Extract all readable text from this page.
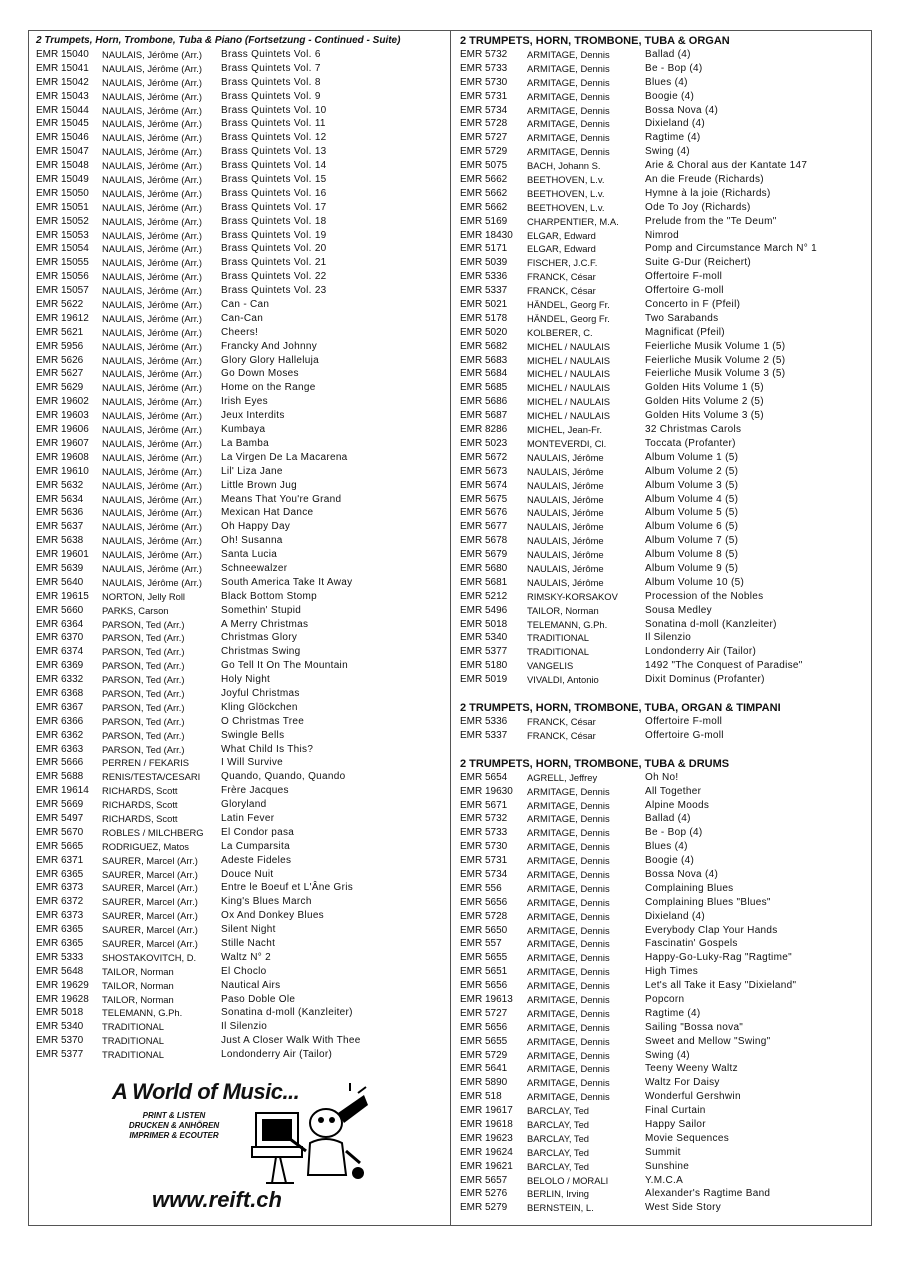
2 Trumpets, Horn, Trombone, Tuba & Piano (Fortsetzung - Continued - Suite)
EMR 15040	NAULAIS, Jérôme (Arr.)	Brass Quintets Vol. 6
EMR 15041	NAULAIS, Jérôme (Arr.)	Brass Quintets Vol. 7
EMR 15042	NAULAIS, Jérôme (Arr.)	Brass Quintets Vol. 8
EMR 15043	NAULAIS, Jérôme (Arr.)	Brass Quintets Vol. 9
EMR 15044	NAULAIS, Jérôme (Arr.)	Brass Quintets Vol. 10
EMR 15045	NAULAIS, Jérôme (Arr.)	Brass Quintets Vol. 11
EMR 15046	NAULAIS, Jérôme (Arr.)	Brass Quintets Vol. 12
EMR 15047	NAULAIS, Jérôme (Arr.)	Brass Quintets Vol. 13
EMR 15048	NAULAIS, Jérôme (Arr.)	Brass Quintets Vol. 14
EMR 15049	NAULAIS, Jérôme (Arr.)	Brass Quintets Vol. 15
EMR 15050	NAULAIS, Jérôme (Arr.)	Brass Quintets Vol. 16
EMR 15051	NAULAIS, Jérôme (Arr.)	Brass Quintets Vol. 17
EMR 15052	NAULAIS, Jérôme (Arr.)	Brass Quintets Vol. 18
EMR 15053	NAULAIS, Jérôme (Arr.)	Brass Quintets Vol. 19
EMR 15054	NAULAIS, Jérôme (Arr.)	Brass Quintets Vol. 20
EMR 15055	NAULAIS, Jérôme (Arr.)	Brass Quintets Vol. 21
EMR 15056	NAULAIS, Jérôme (Arr.)	Brass Quintets Vol. 22
EMR 15057	NAULAIS, Jérôme (Arr.)	Brass Quintets Vol. 23
EMR 5622	NAULAIS, Jérôme (Arr.)	Can - Can
EMR 19612	NAULAIS, Jérôme (Arr.)	Can-Can
EMR 5621	NAULAIS, Jérôme (Arr.)	Cheers!
EMR 5956	NAULAIS, Jérôme (Arr.)	Francky And Johnny
EMR 5626	NAULAIS, Jérôme (Arr.)	Glory Glory Halleluja
EMR 5627	NAULAIS, Jérôme (Arr.)	Go Down Moses
EMR 5629	NAULAIS, Jérôme (Arr.)	Home on the Range
EMR 19602	NAULAIS, Jérôme (Arr.)	Irish Eyes
EMR 19603	NAULAIS, Jérôme (Arr.)	Jeux Interdits
EMR 19606	NAULAIS, Jérôme (Arr.)	Kumbaya
EMR 19607	NAULAIS, Jérôme (Arr.)	La Bamba
EMR 19608	NAULAIS, Jérôme (Arr.)	La Virgen De La Macarena
EMR 19610	NAULAIS, Jérôme (Arr.)	Lil' Liza Jane
EMR 5632	NAULAIS, Jérôme (Arr.)	Little Brown Jug
EMR 5634	NAULAIS, Jérôme (Arr.)	Means That You're Grand
EMR 5636	NAULAIS, Jérôme (Arr.)	Mexican Hat Dance
EMR 5637	NAULAIS, Jérôme (Arr.)	Oh Happy Day
EMR 5638	NAULAIS, Jérôme (Arr.)	Oh! Susanna
EMR 19601	NAULAIS, Jérôme (Arr.)	Santa Lucia
EMR 5639	NAULAIS, Jérôme (Arr.)	Schneewalzer
EMR 5640	NAULAIS, Jérôme (Arr.)	South America Take It Away
EMR 19615	NORTON, Jelly Roll	Black Bottom Stomp
EMR 5660	PARKS, Carson	Somethin' Stupid
EMR 6364	PARSON, Ted (Arr.)	A Merry Christmas
EMR 6370	PARSON, Ted (Arr.)	Christmas Glory
EMR 6374	PARSON, Ted (Arr.)	Christmas Swing
EMR 6369	PARSON, Ted (Arr.)	Go Tell It On The Mountain
EMR 6332	PARSON, Ted (Arr.)	Holy Night
EMR 6368	PARSON, Ted (Arr.)	Joyful Christmas
EMR 6367	PARSON, Ted (Arr.)	Kling Glöckchen
EMR 6366	PARSON, Ted (Arr.)	O Christmas Tree
EMR 6362	PARSON, Ted (Arr.)	Swingle Bells
EMR 6363	PARSON, Ted (Arr.)	What Child Is This?
EMR 5666	PERREN / FEKARIS	I Will Survive
EMR 5688	RENIS/TESTA/CESARI	Quando, Quando, Quando
EMR 19614	RICHARDS, Scott	Frère Jacques
EMR 5669	RICHARDS, Scott	Gloryland
EMR 5497	RICHARDS, Scott	Latin Fever
EMR 5670	ROBLES / MILCHBERG	El Condor pasa
EMR 5665	RODRIGUEZ, Matos	La Cumparsita
EMR 6371	SAURER, Marcel (Arr.)	Adeste Fideles
EMR 6365	SAURER, Marcel (Arr.)	Douce Nuit
EMR 6373	SAURER, Marcel (Arr.)	Entre le Boeuf et L'Âne Gris
EMR 6372	SAURER, Marcel (Arr.)	King's Blues March
EMR 6373	SAURER, Marcel (Arr.)	Ox And Donkey Blues
EMR 6365	SAURER, Marcel (Arr.)	Silent Night
EMR 6365	SAURER, Marcel (Arr.)	Stille Nacht
EMR 5333	SHOSTAKOVITCH, D.	Waltz N° 2
EMR 5648	TAILOR, Norman	El Choclo
EMR 19629	TAILOR, Norman	Nautical Airs
EMR 19628	TAILOR, Norman	Paso Doble Ole
EMR 5018	TELEMANN, G.Ph.	Sonatina d-moll (Kanzleiter)
EMR 5340	TRADITIONAL	Il Silenzio
EMR 5370	TRADITIONAL	Just A Closer Walk With Thee
EMR 5377	TRADITIONAL	Londonderry Air (Tailor)
2 TRUMPETS, HORN, TROMBONE, TUBA & ORGAN
EMR 5732	ARMITAGE, Dennis	Ballad (4)
EMR 5733	ARMITAGE, Dennis	Be - Bop (4)
EMR 5730	ARMITAGE, Dennis	Blues (4)
EMR 5731	ARMITAGE, Dennis	Boogie (4)
EMR 5734	ARMITAGE, Dennis	Bossa Nova (4)
EMR 5728	ARMITAGE, Dennis	Dixieland (4)
EMR 5727	ARMITAGE, Dennis	Ragtime (4)
EMR 5729	ARMITAGE, Dennis	Swing (4)
EMR 5075	BACH, Johann S.	Arie & Choral aus der Kantate 147
EMR 5662	BEETHOVEN, L.v.	An die Freude (Richards)
EMR 5662	BEETHOVEN, L.v.	Hymne à la joie (Richards)
EMR 5662	BEETHOVEN, L.v.	Ode To Joy (Richards)
EMR 5169	CHARPENTIER, M.A.	Prelude from the "Te Deum"
EMR 18430	ELGAR, Edward	Nimrod
EMR 5171	ELGAR, Edward	Pomp and Circumstance March N° 1
EMR 5039	FISCHER, J.C.F.	Suite G-Dur (Reichert)
EMR 5336	FRANCK, César	Offertoire F-moll
EMR 5337	FRANCK, César	Offertoire G-moll
EMR 5021	HÄNDEL, Georg Fr.	Concerto in F (Pfeil)
EMR 5178	HÄNDEL, Georg Fr.	Two Sarabands
EMR 5020	KOLBERER, C.	Magnificat (Pfeil)
EMR 5682	MICHEL / NAULAIS	Feierliche Musik Volume 1 (5)
EMR 5683	MICHEL / NAULAIS	Feierliche Musik Volume 2 (5)
EMR 5684	MICHEL / NAULAIS	Feierliche Musik Volume 3 (5)
EMR 5685	MICHEL / NAULAIS	Golden Hits Volume 1 (5)
EMR 5686	MICHEL / NAULAIS	Golden Hits Volume 2 (5)
EMR 5687	MICHEL / NAULAIS	Golden Hits Volume 3 (5)
EMR 8286	MICHEL, Jean-Fr.	32 Christmas Carols
EMR 5023	MONTEVERDI, Cl.	Toccata (Profanter)
EMR 5672	NAULAIS, Jérôme	Album Volume 1 (5)
EMR 5673	NAULAIS, Jérôme	Album Volume 2 (5)
EMR 5674	NAULAIS, Jérôme	Album Volume 3 (5)
EMR 5675	NAULAIS, Jérôme	Album Volume 4 (5)
EMR 5676	NAULAIS, Jérôme	Album Volume 5 (5)
EMR 5677	NAULAIS, Jérôme	Album Volume 6 (5)
EMR 5678	NAULAIS, Jérôme	Album Volume 7 (5)
EMR 5679	NAULAIS, Jérôme	Album Volume 8 (5)
EMR 5680	NAULAIS, Jérôme	Album Volume 9 (5)
EMR 5681	NAULAIS, Jérôme	Album Volume 10 (5)
EMR 5212	RIMSKY-KORSAKOV	Procession of the Nobles
EMR 5496	TAILOR, Norman	Sousa Medley
EMR 5018	TELEMANN, G.Ph.	Sonatina d-moll (Kanzleiter)
EMR 5340	TRADITIONAL	Il Silenzio
EMR 5377	TRADITIONAL	Londonderry Air (Tailor)
EMR 5180	VANGELIS	1492 "The Conquest of Paradise"
EMR 5019	VIVALDI, Antonio	Dixit Dominus (Profanter)
2 TRUMPETS, HORN, TROMBONE, TUBA, ORGAN & TIMPANI
EMR 5336	FRANCK, César	Offertoire F-moll
EMR 5337	FRANCK, César	Offertoire G-moll
2 TRUMPETS, HORN, TROMBONE, TUBA & DRUMS
EMR 5654	AGRELL, Jeffrey	Oh No!
EMR 19630	ARMITAGE, Dennis	All Together
EMR 5671	ARMITAGE, Dennis	Alpine Moods
EMR 5732	ARMITAGE, Dennis	Ballad (4)
EMR 5733	ARMITAGE, Dennis	Be - Bop (4)
EMR 5730	ARMITAGE, Dennis	Blues (4)
EMR 5731	ARMITAGE, Dennis	Boogie (4)
EMR 5734	ARMITAGE, Dennis	Bossa Nova (4)
EMR 556	ARMITAGE, Dennis	Complaining Blues
EMR 5656	ARMITAGE, Dennis	Complaining Blues "Blues"
EMR 5728	ARMITAGE, Dennis	Dixieland (4)
EMR 5650	ARMITAGE, Dennis	Everybody Clap Your Hands
EMR 557	ARMITAGE, Dennis	Fascinatin' Gospels
EMR 5655	ARMITAGE, Dennis	Happy-Go-Luky-Rag "Ragtime"
EMR 5651	ARMITAGE, Dennis	High Times
EMR 5656	ARMITAGE, Dennis	Let's all Take it Easy "Dixieland"
EMR 19613	ARMITAGE, Dennis	Popcorn
EMR 5727	ARMITAGE, Dennis	Ragtime (4)
EMR 5656	ARMITAGE, Dennis	Sailing "Bossa nova"
EMR 5655	ARMITAGE, Dennis	Sweet and Mellow "Swing"
EMR 5729	ARMITAGE, Dennis	Swing (4)
EMR 5641	ARMITAGE, Dennis	Teeny Weeny Waltz
EMR 5890	ARMITAGE, Dennis	Waltz For Daisy
EMR 518	ARMITAGE, Dennis	Wonderful Gershwin
EMR 19617	BARCLAY, Ted	Final Curtain
EMR 19618	BARCLAY, Ted	Happy Sailor
EMR 19623	BARCLAY, Ted	Movie Sequences
EMR 19624	BARCLAY, Ted	Summit
EMR 19621	BARCLAY, Ted	Sunshine
EMR 5657	BELOLO / MORALI	Y.M.C.A
EMR 5276	BERLIN, Irving	Alexander's Ragtime Band
EMR 5279	BERNSTEIN, L.	West Side Story
A World of Music...
PRINT & LISTEN
DRUCKEN & ANHÖREN
IMPRIMER & ECOUTER
www.reift.ch
